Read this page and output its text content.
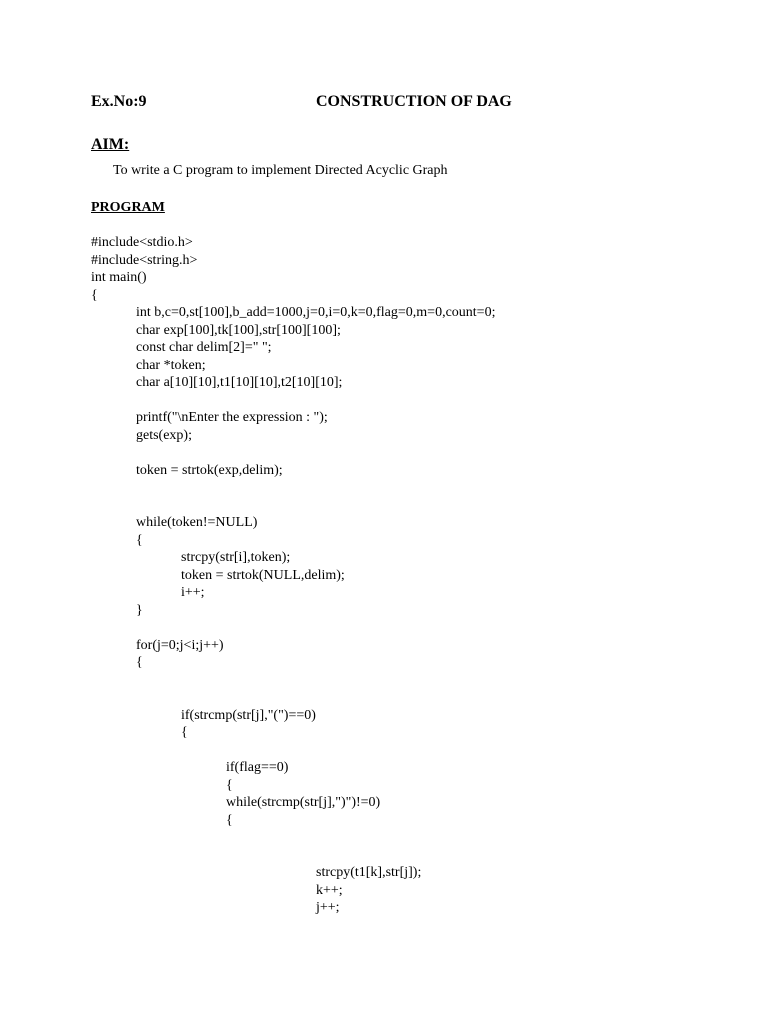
Ex.No:9	CONSTRUCTION OF DAG
AIM:
To write a C program to implement Directed Acyclic Graph
PROGRAM
#include<stdio.h>
#include<string.h>
int main()
{
int b,c=0,st[100],b_add=1000,j=0,i=0,k=0,flag=0,m=0,count=0;
char exp[100],tk[100],str[100][100];
const char delim[2]=" ";
char *token;
char a[10][10],t1[10][10],t2[10][10];
printf("\nEnter the expression : ");
gets(exp);
token = strtok(exp,delim);
while(token!=NULL)
{
strcpy(str[i],token);
token = strtok(NULL,delim);
i++;
}
for(j=0;j<i;j++)
{
if(strcmp(str[j],"(")==0)
{
if(flag==0)
{
while(strcmp(str[j],")")!=0)
{
strcpy(t1[k],str[j]);
k++;
j++;
